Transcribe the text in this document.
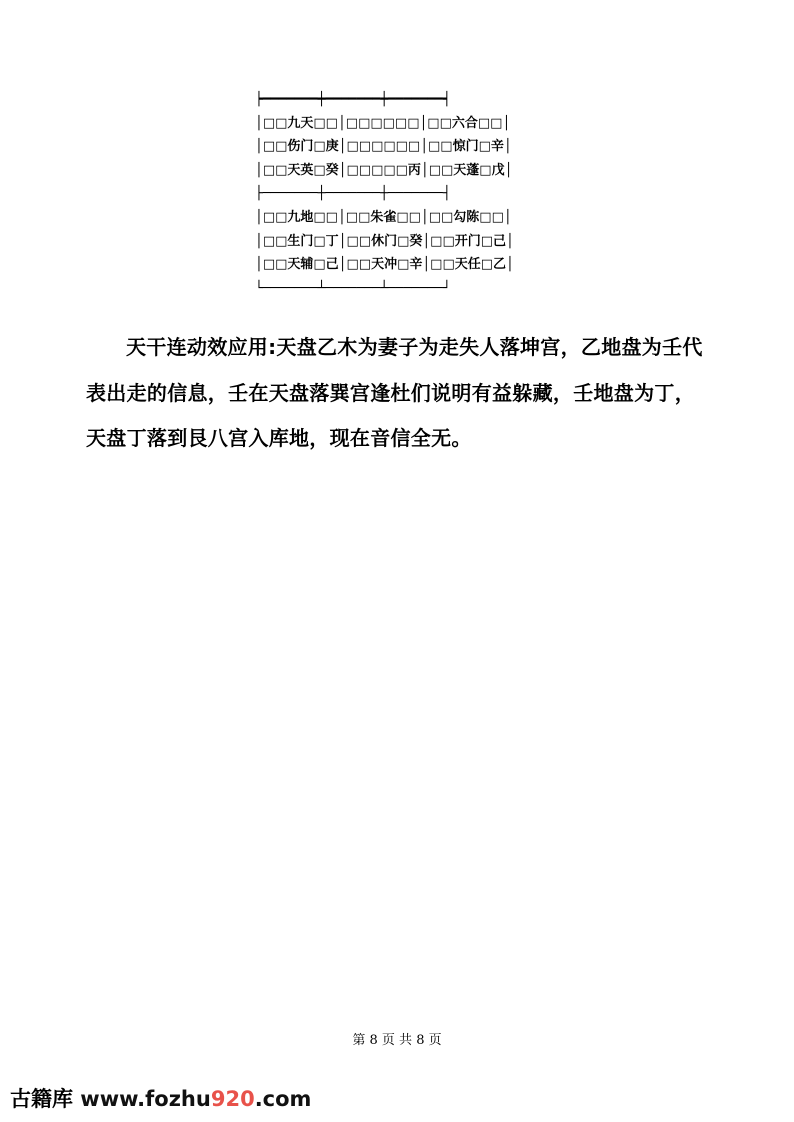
┝━━━━━━━┿━━━━━━━┿━━━━━━━┥
│□□九天□□│□□□□□□│□□六合□□│
│□□伤门□庚│□□□□□□│□□惊门□辛│
│□□天英□癸│□□□□□丙│□□天蓬□戊│
├───────┼───────┼───────┤
│□□九地□□│□□朱雀□□│□□勾陈□□│
│□□生门□丁│□□休门□癸│□□开门□己│
│□□天辅□己│□□天冲□辛│□□天任□乙│
└───────┴───────┴───────┘
天干连动效应用:天盘乙木为妻子为走失人落坤宫，乙地盘为壬代表出走的信息，壬在天盘落巽宫逢杜们说明有益躲藏，壬地盘为丁，天盘丁落到艮八宫入库地，现在音信全无。
第 8 页 共 8 页
古籍库 www.fozhu920.com
